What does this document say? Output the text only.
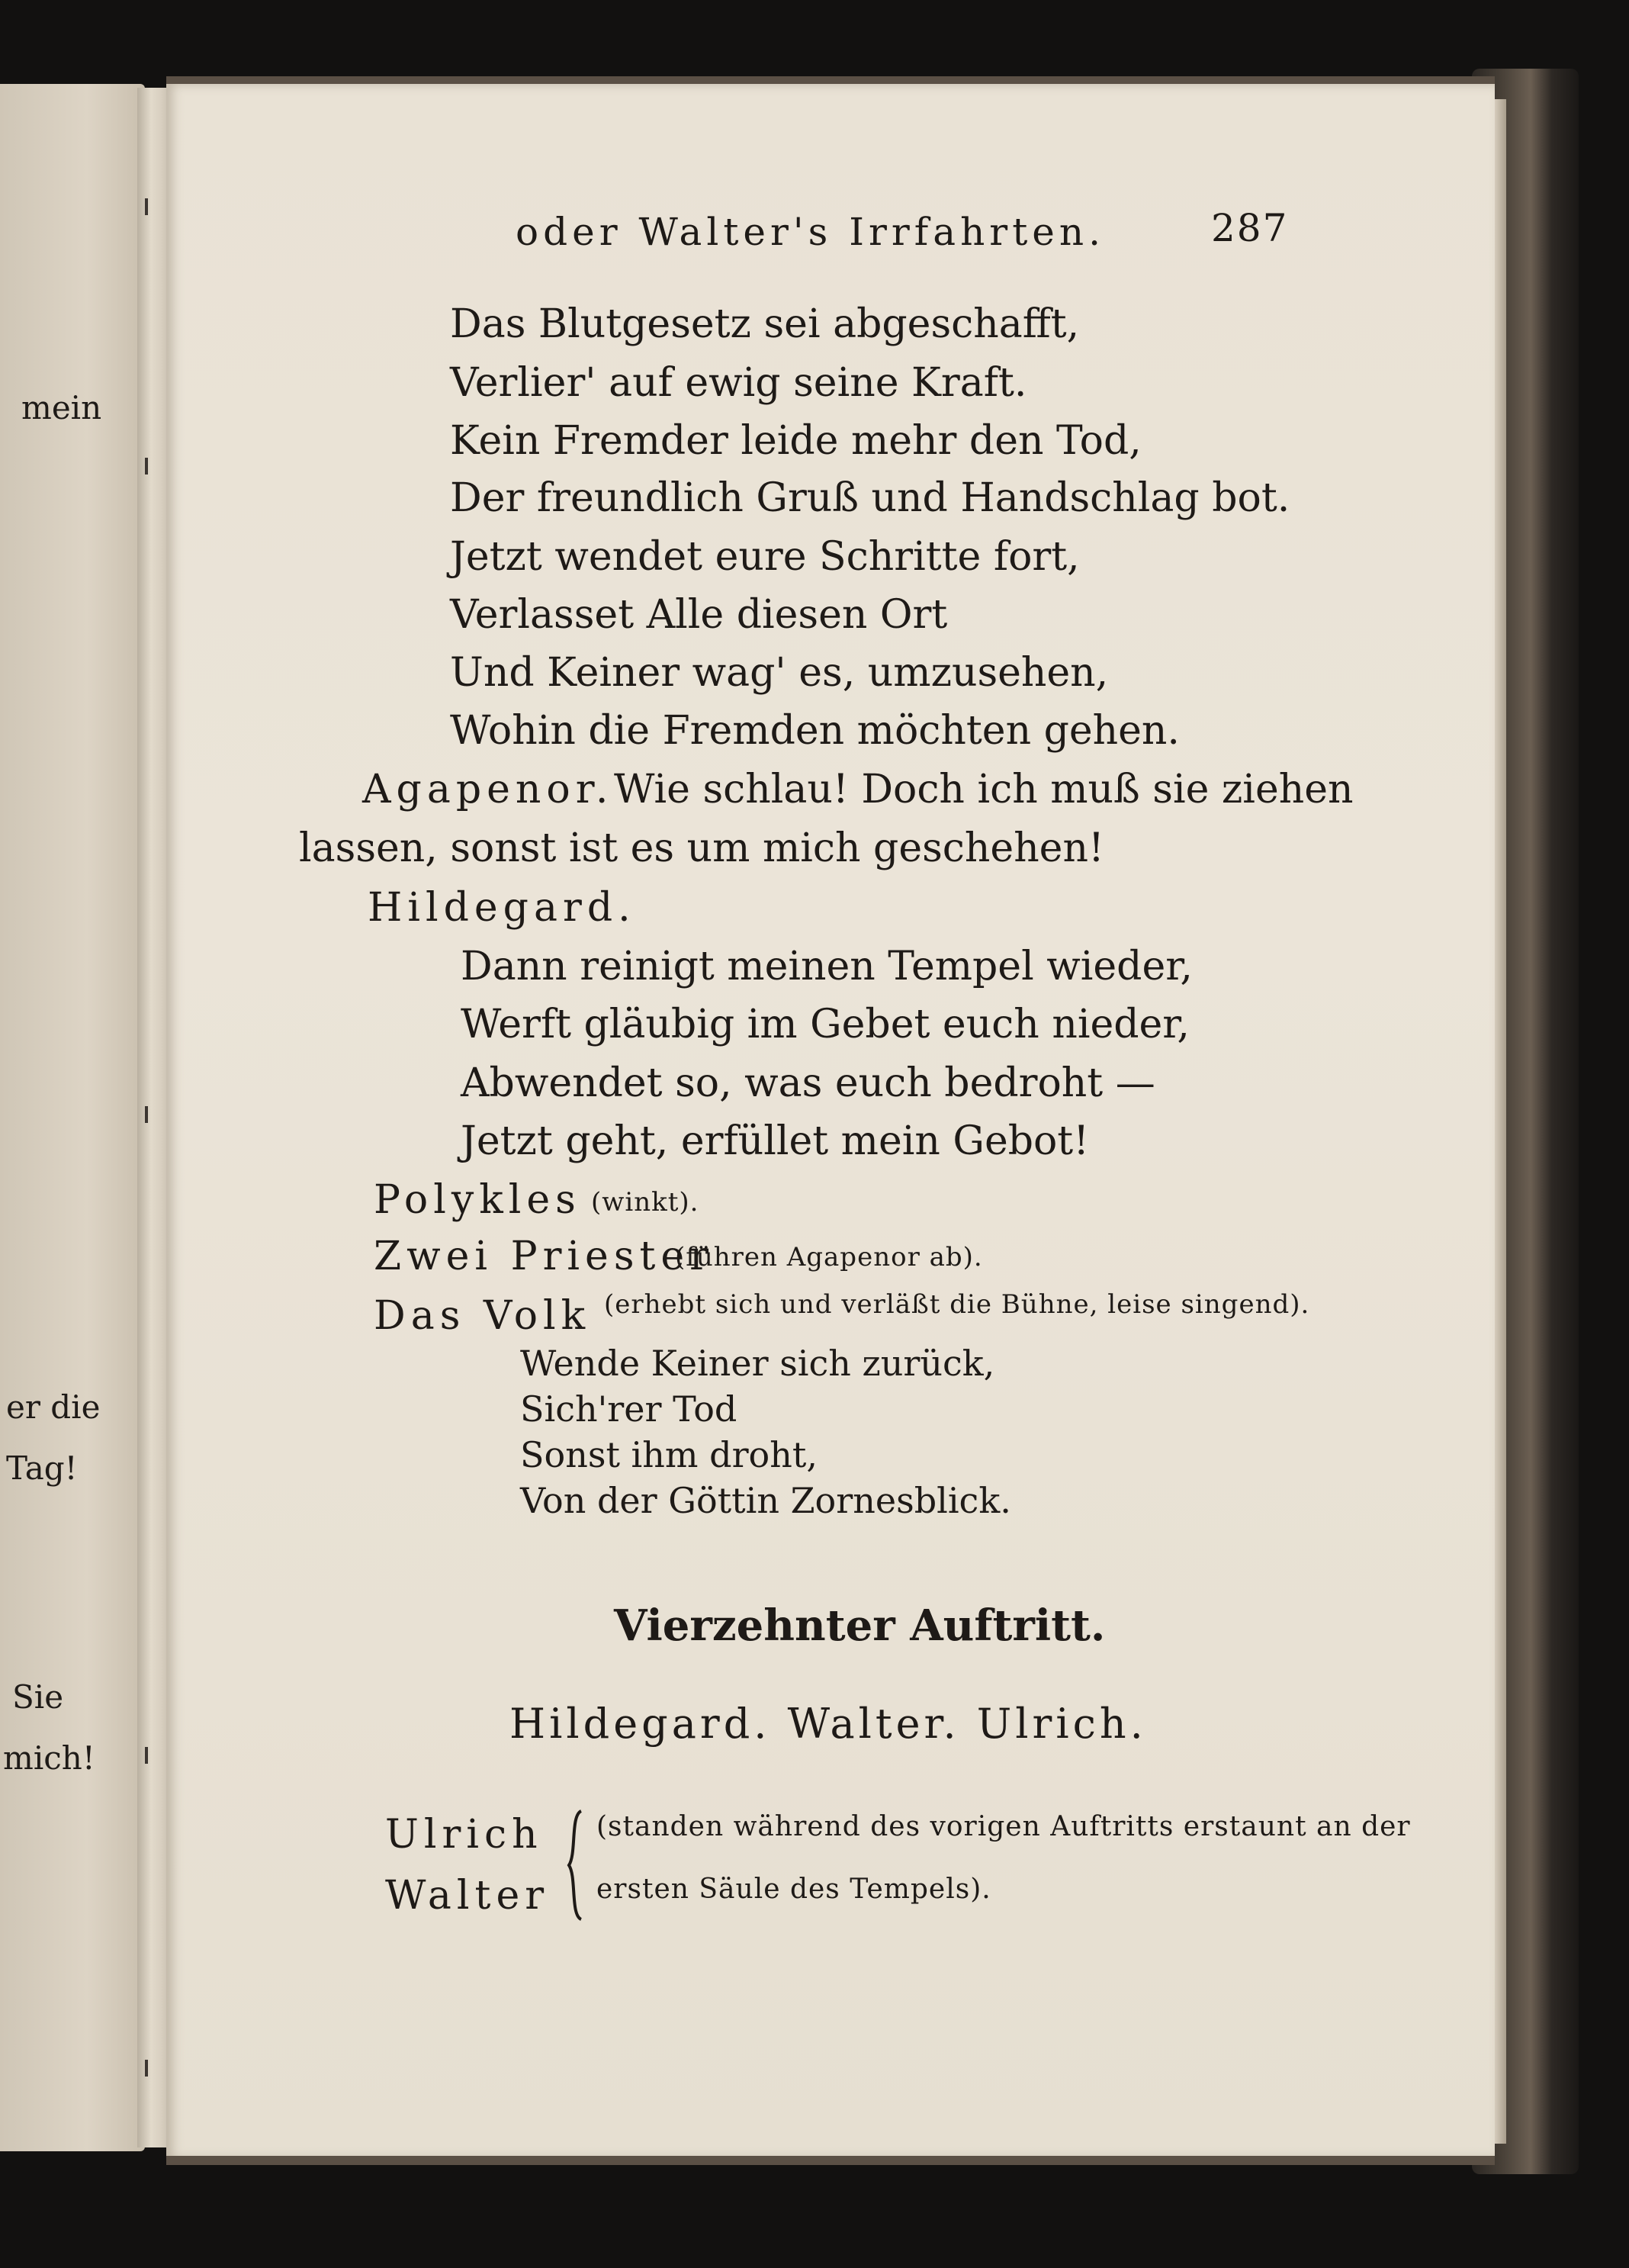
mein
er die
Tag!
Sie
mich!
oder Walter's Irrfahrten.	287
Das Blutgesetz sei abgeschafft,
Verlier' auf ewig seine Kraft.
Kein Fremder leide mehr den Tod,
Der freundlich Gruß und Handschlag bot.
Jetzt wendet eure Schritte fort,
Verlasset Alle diesen Ort
Und Keiner wag' es, umzusehen,
Wohin die Fremden möchten gehen.
Agapenor. Wie schlau! Doch ich muß sie ziehen
lassen, sonst ist es um mich geschehen!
Hildegard.
Dann reinigt meinen Tempel wieder,
Werft gläubig im Gebet euch nieder,
Abwendet so, was euch bedroht —
Jetzt geht, erfüllet mein Gebot!
Polykles (winkt).
Zwei Priester
(führen Agapenor ab).
Das Volk (erhebt sich und verläßt die Bühne, leise singend).
Wende Keiner sich zurück,
Sich'rer Tod
Sonst ihm droht,
Von der Göttin Zornesblick.
Vierzehnter Auftritt.
Hildegard. Walter. Ulrich.
Ulrich
Walter
(standen während des vorigen Auftritts erstaunt an der
ersten Säule des Tempels).
